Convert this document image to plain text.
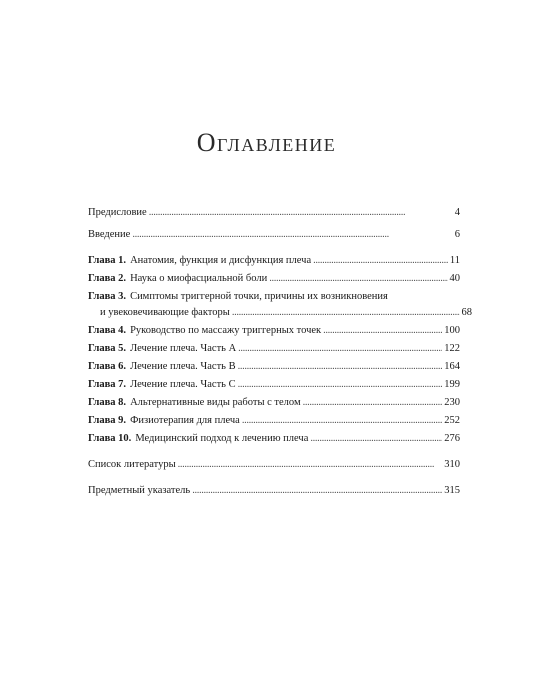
Оглавление
Предисловие . . .	4
Введение . . .	6
Глава 1. Анатомия, функция и дисфункция плеча . . .	11
Глава 2. Наука о миофасциальной боли . . .	40
Глава 3. Симптомы триггерной точки, причины их возникновения
и увековечивающие факторы . . .	68
Глава 4. Руководство по массажу триггерных точек . . .	100
Глава 5. Лечение плеча. Часть A . . .	122
Глава 6. Лечение плеча. Часть B . . .	164
Глава 7. Лечение плеча. Часть C . . .	199
Глава 8. Альтернативные виды работы с телом . . .	230
Глава 9. Физиотерапия для плеча . . .	252
Глава 10. Медицинский подход к лечению плеча . . .	276
Список литературы . . .	310
Предметный указатель . . .	315
